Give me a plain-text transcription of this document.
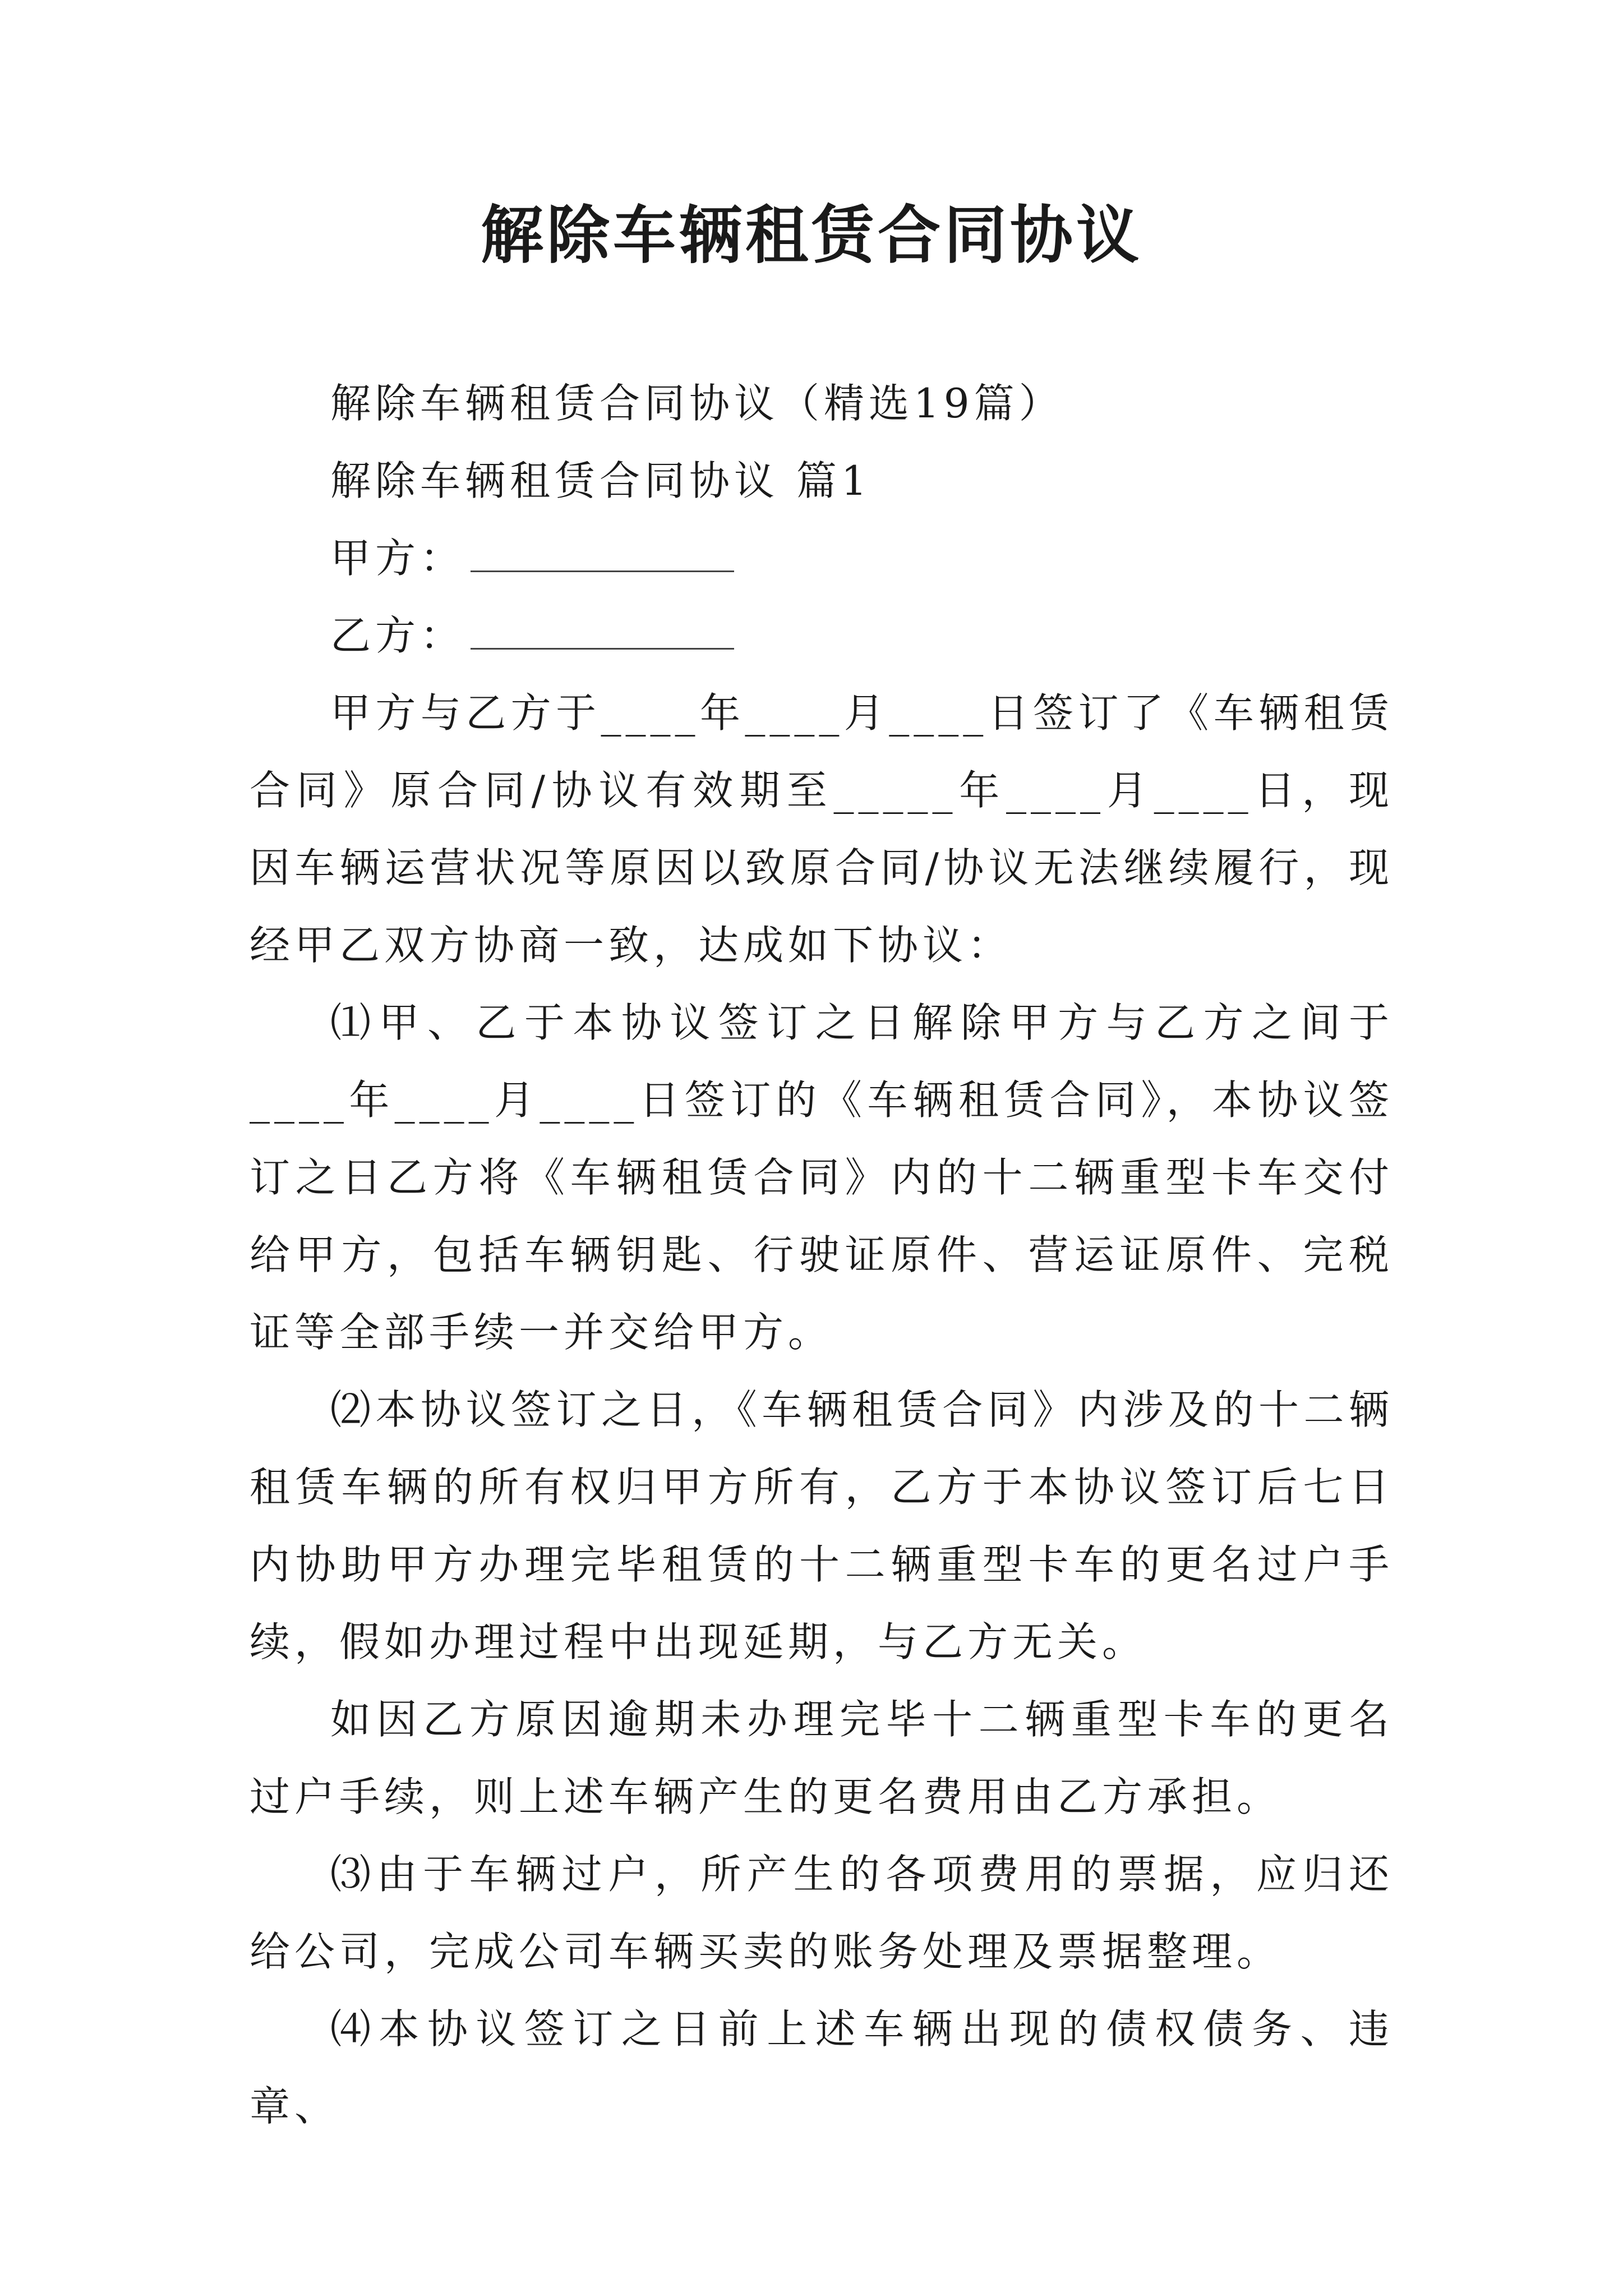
解除车辆租赁合同协议

解除车辆租赁合同协议（精选19篇）

解除车辆租赁合同协议 篇1

甲方：

乙方：

甲方与乙方于____年____月____日签订了《车辆租赁合同》原合同/协议有效期至_____年____月____日，现因车辆运营状况等原因以致原合同/协议无法继续履行，现经甲乙双方协商一致，达成如下协议：

⑴甲、乙于本协议签订之日解除甲方与乙方之间于____年____月____日签订的《车辆租赁合同》，本协议签订之日乙方将《车辆租赁合同》内的十二辆重型卡车交付给甲方，包括车辆钥匙、行驶证原件、营运证原件、完税证等全部手续一并交给甲方。

⑵本协议签订之日，《车辆租赁合同》内涉及的十二辆租赁车辆的所有权归甲方所有，乙方于本协议签订后七日内协助甲方办理完毕租赁的十二辆重型卡车的更名过户手续，假如办理过程中出现延期，与乙方无关。

如因乙方原因逾期未办理完毕十二辆重型卡车的更名过户手续，则上述车辆产生的更名费用由乙方承担。

⑶由于车辆过户，所产生的各项费用的票据，应归还给公司，完成公司车辆买卖的账务处理及票据整理。

⑷本协议签订之日前上述车辆出现的债权债务、违章、
